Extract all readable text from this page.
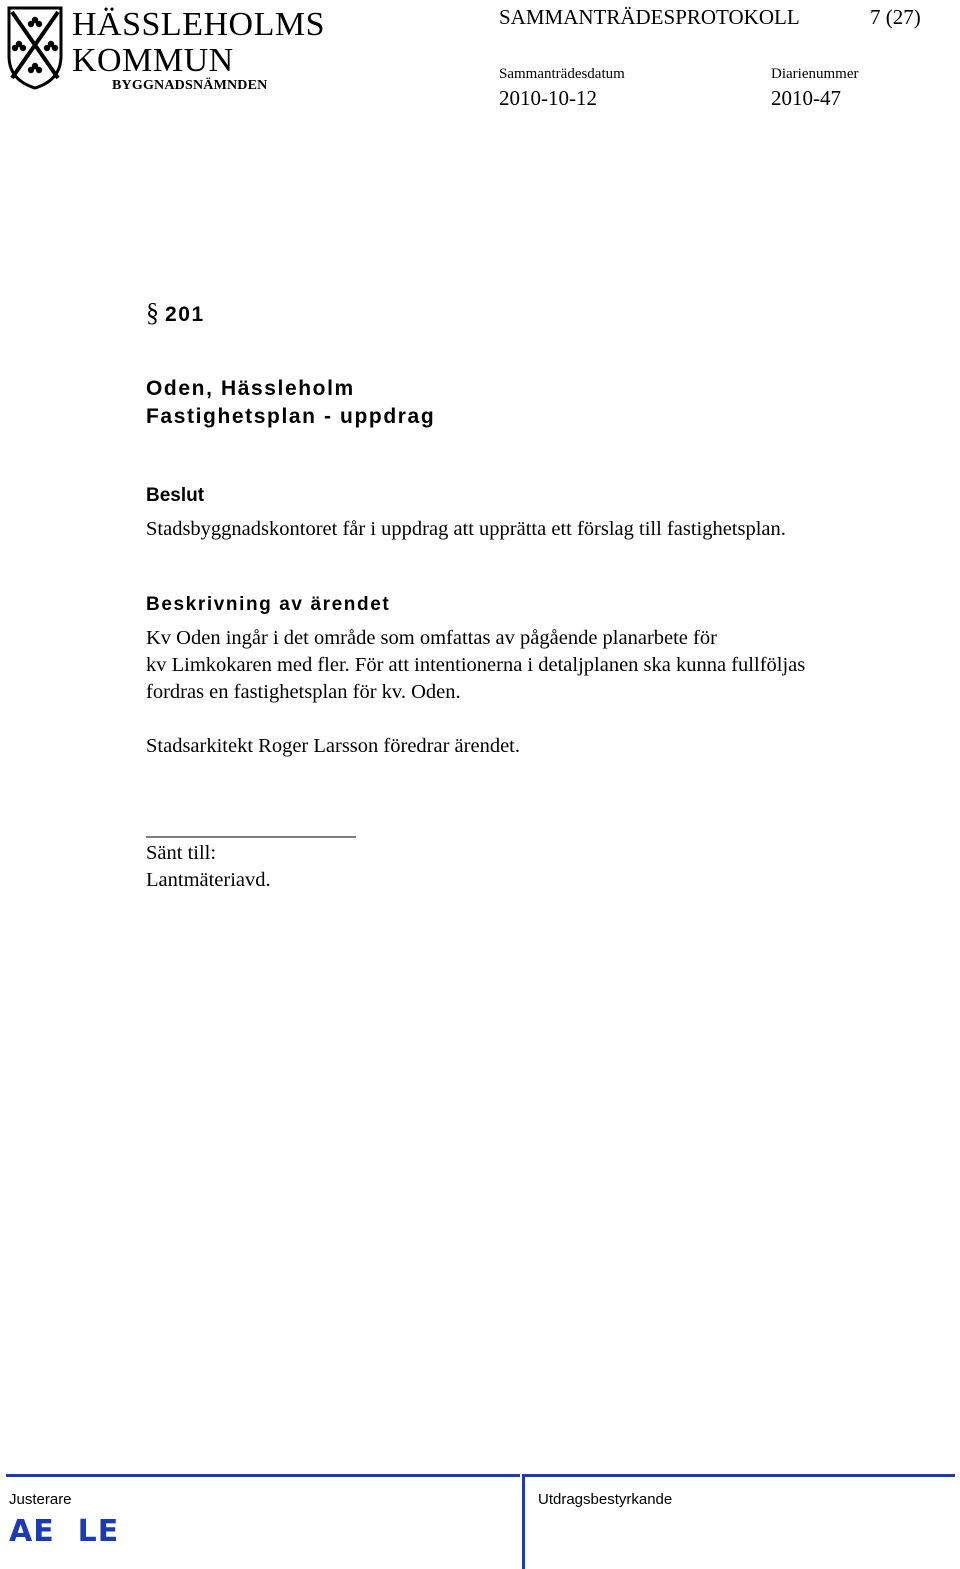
HÄSSLEHOLMS
KOMMUN
BYGGNADSNÄMNDEN
SAMMANTRÄDESPROTOKOLL	7 (27)
Sammanträdesdatum
2010-10-12
Diarienummer
2010-47
§ 201
Oden, Hässleholm
Fastighetsplan - uppdrag
Beslut
Stadsbyggnadskontoret får i uppdrag att upprätta ett förslag till fastighetsplan.
Beskrivning av ärendet
Kv Oden ingår i det område som omfattas av pågående planarbete för
kv Limkokaren med fler. För att intentionerna i detaljplanen ska kunna fullföljas
fordras en fastighetsplan för kv. Oden.
Stadsarkitekt Roger Larsson föredrar ärendet.
_____________________
Sänt till:
Lantmäteriavd.
Justerare
AE  LE
Utdragsbestyrkande
